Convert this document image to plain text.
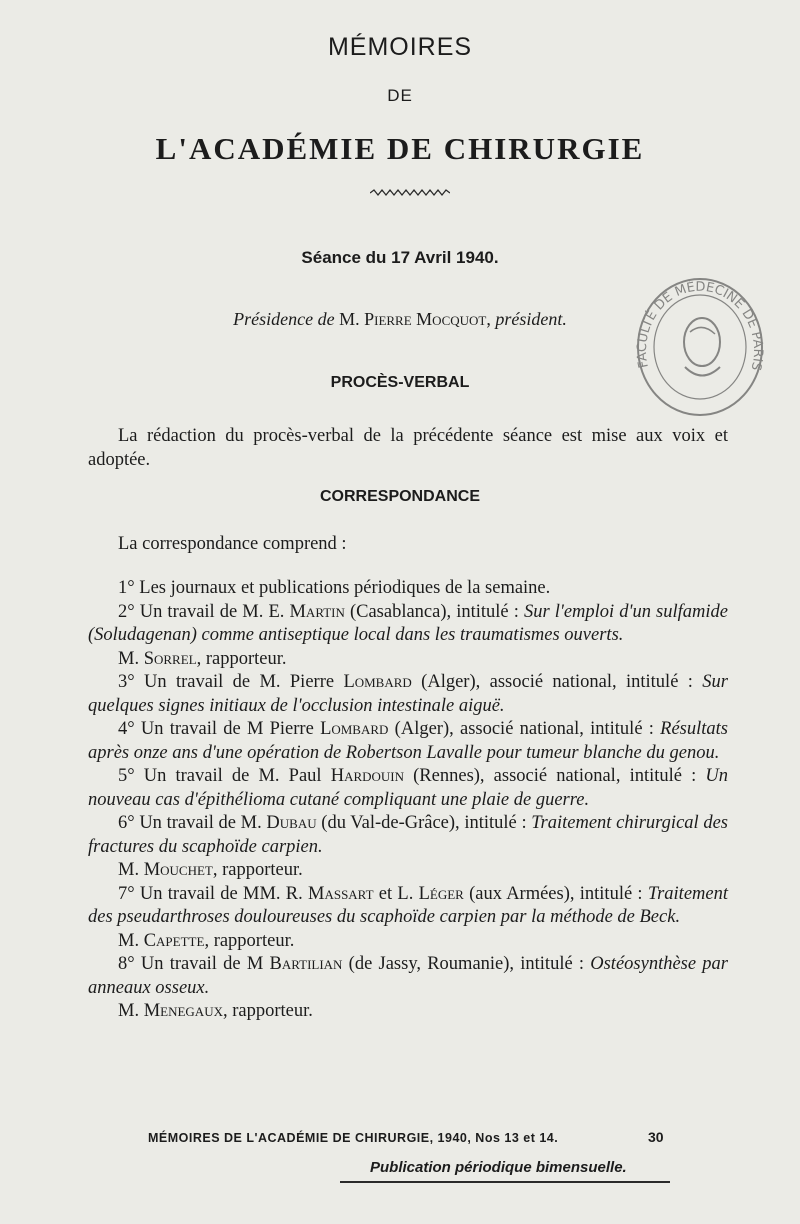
MÉMOIRES
DE
L'ACADÉMIE DE CHIRURGIE
Séance du 17 Avril 1940.
Présidence de M. Pierre Mocquot, président.
FACULTÉ DE MÉDECINE DE PARIS
PROCÈS-VERBAL

La rédaction du procès-verbal de la précédente séance est mise aux voix et adoptée.

CORRESPONDANCE

La correspondance comprend :

1° Les journaux et publications périodiques de la semaine.

2° Un travail de M. E. Martin (Casablanca), intitulé : Sur l'emploi d'un sulfamide (Soludagenan) comme antiseptique local dans les traumatismes ouverts.

M. Sorrel, rapporteur.

3° Un travail de M. Pierre Lombard (Alger), associé national, intitulé : Sur quelques signes initiaux de l'occlusion intestinale aiguë.

4° Un travail de M Pierre Lombard (Alger), associé national, intitulé : Résultats après onze ans d'une opération de Robertson Lavalle pour tumeur blanche du genou.

5° Un travail de M. Paul Hardouin (Rennes), associé national, intitulé : Un nouveau cas d'épithélioma cutané compliquant une plaie de guerre.

6° Un travail de M. Dubau (du Val-de-Grâce), intitulé : Traitement chirurgical des fractures du scaphoïde carpien.

M. Mouchet, rapporteur.

7° Un travail de MM. R. Massart et L. Léger (aux Armées), intitulé : Traitement des pseudarthroses douloureuses du scaphoïde carpien par la méthode de Beck.

M. Capette, rapporteur.

8° Un travail de M Bartilian (de Jassy, Roumanie), intitulé : Ostéosynthèse par anneaux osseux.

M. Menegaux, rapporteur.

MÉMOIRES DE L'ACADÉMIE DE CHIRURGIE, 1940, Nos 13 et 14.	30
Publication périodique bimensuelle.
